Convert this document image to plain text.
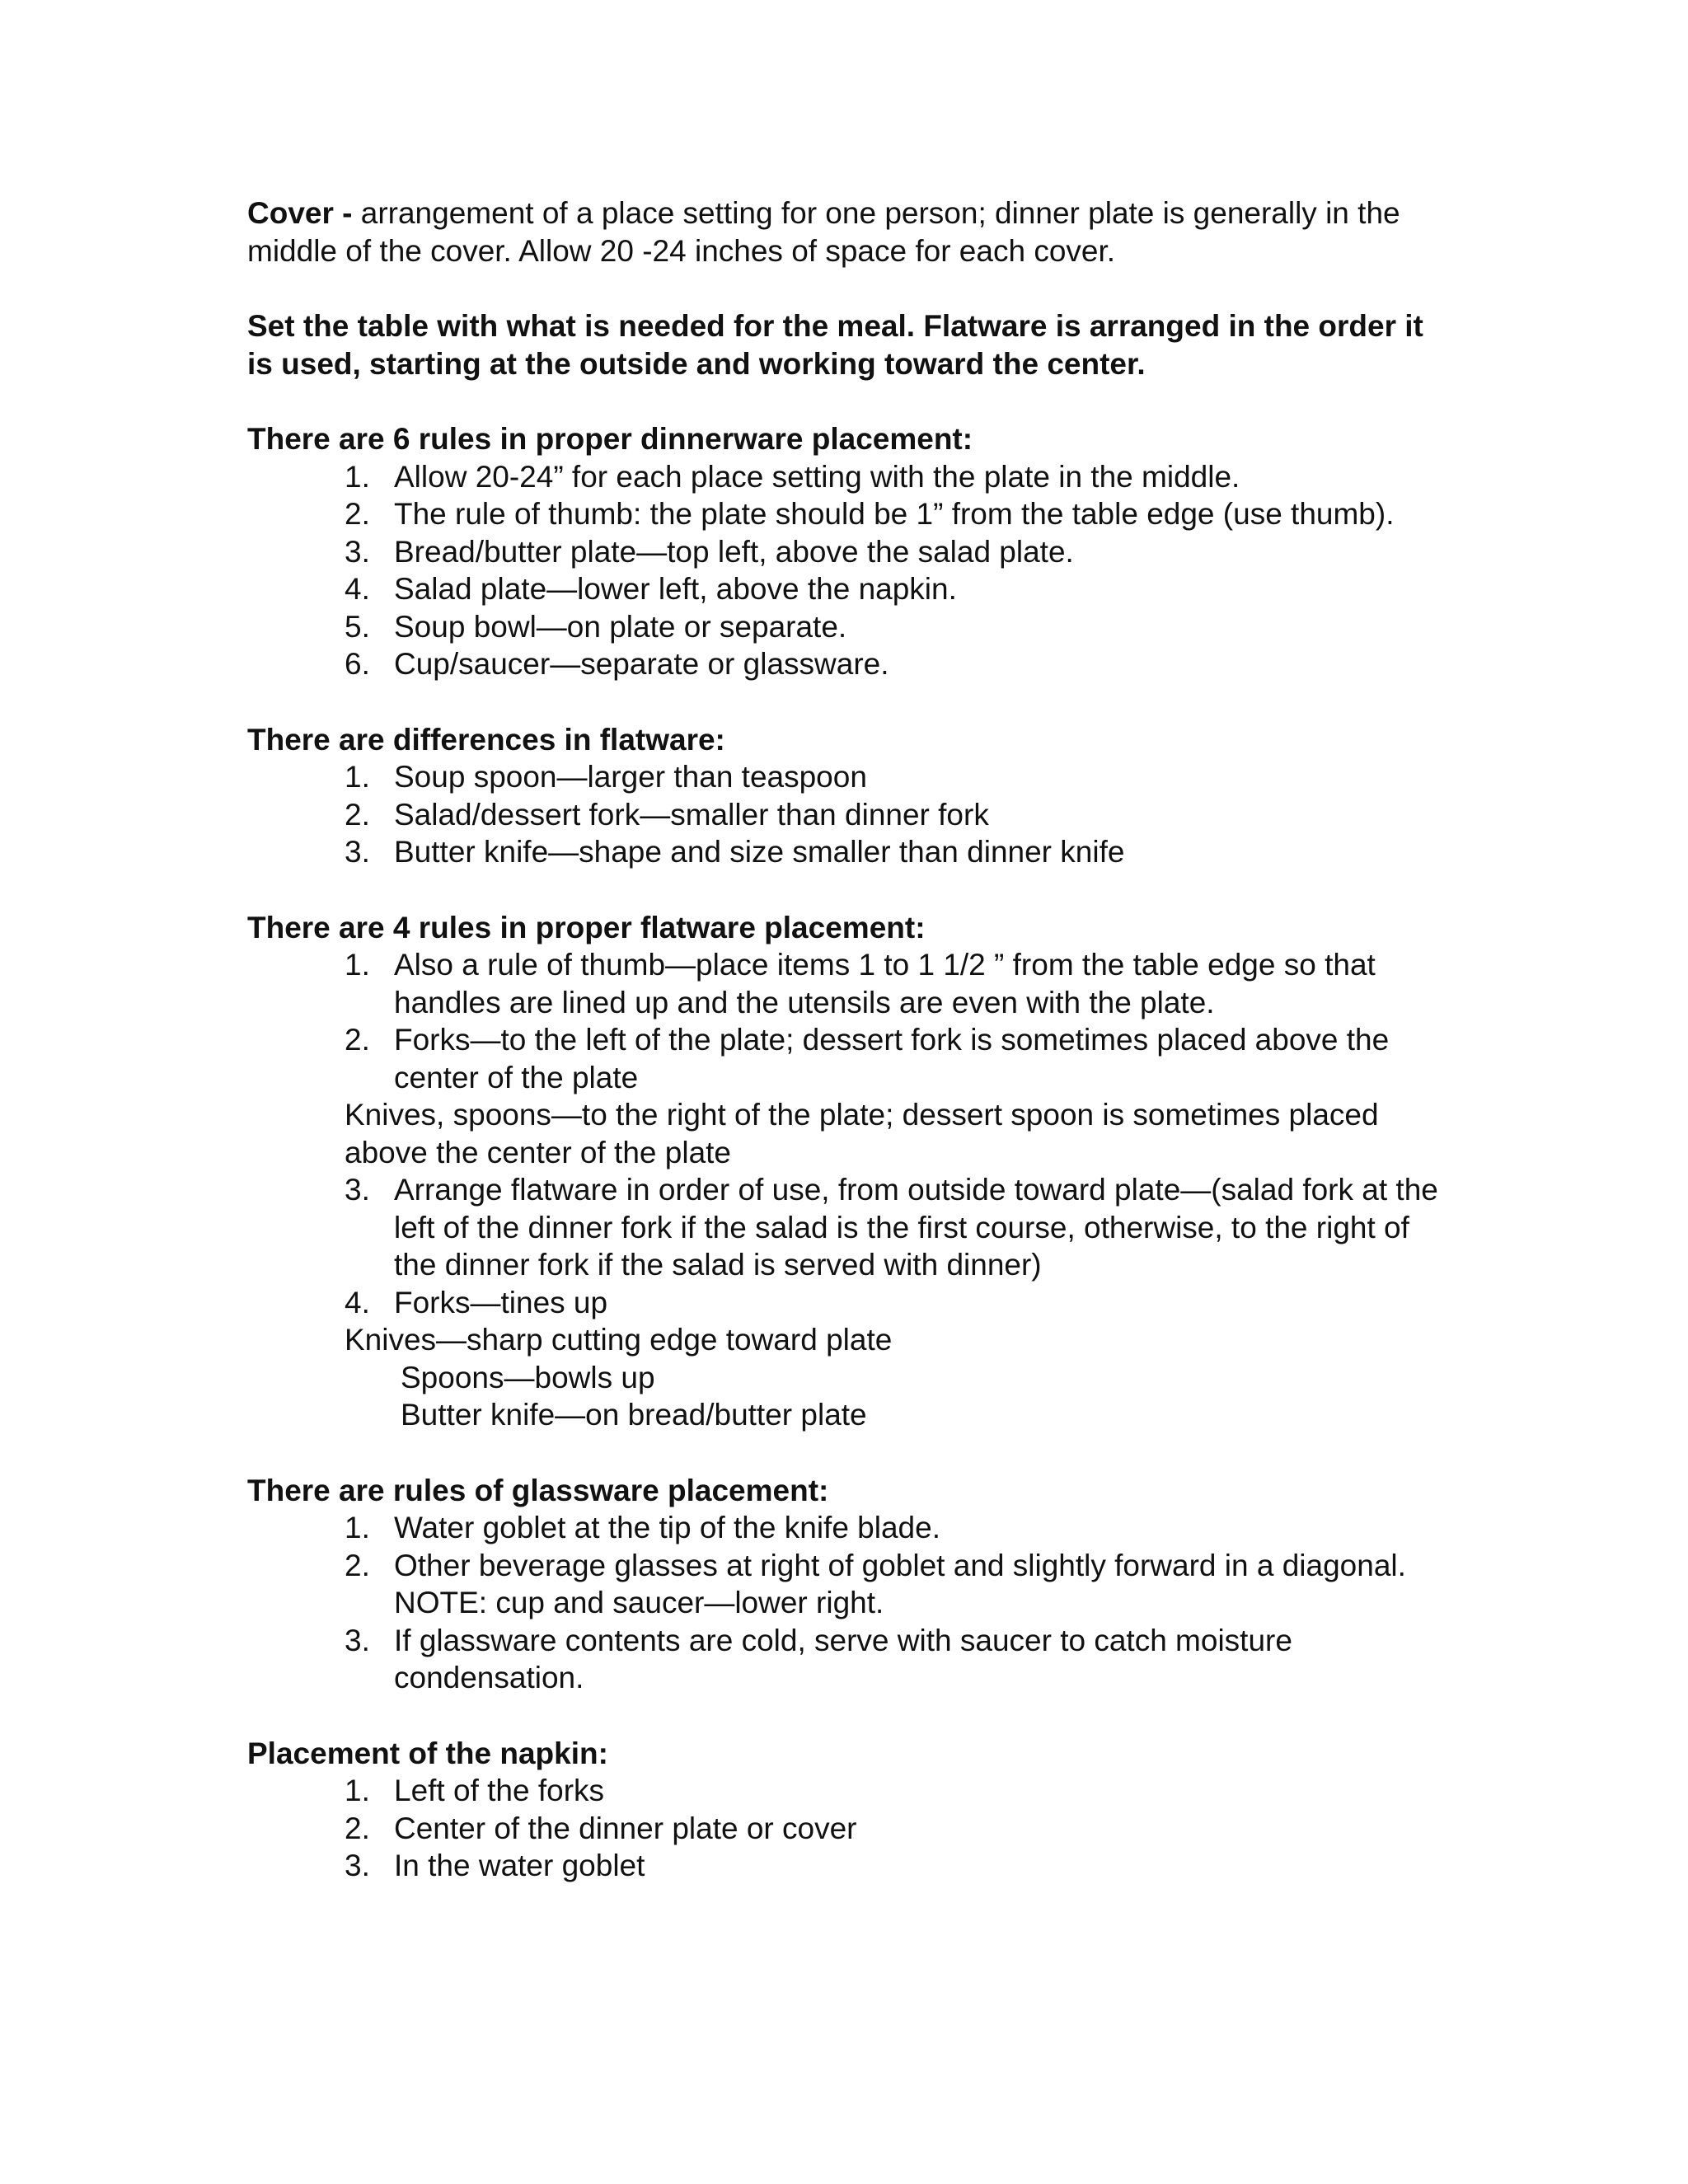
Cover - arrangement of a place setting for one person; dinner plate is generally in the middle of the cover. Allow 20 -24 inches of space for each cover.

Set the table with what is needed for the meal. Flatware is arranged in the order it is used, starting at the outside and working toward the center.

There are 6 rules in proper dinnerware placement:

1. Allow 20-24” for each place setting with the plate in the middle.
2. The rule of thumb: the plate should be 1” from the table edge (use thumb).
3. Bread/butter plate—top left, above the salad plate.
4. Salad plate—lower left, above the napkin.
5. Soup bowl—on plate or separate.
6. Cup/saucer—separate or glassware.

There are differences in flatware:

1. Soup spoon—larger than teaspoon
2. Salad/dessert fork—smaller than dinner fork
3. Butter knife—shape and size smaller than dinner knife

There are 4 rules in proper flatware placement:

1. Also a rule of thumb—place items 1 to 1 1/2 ” from the table edge so that handles are lined up and the utensils are even with the plate.
2. Forks—to the left of the plate; dessert fork is sometimes placed above the center of the plate

Knives, spoons—to the right of the plate; dessert spoon is sometimes placed above the center of the plate

3. Arrange flatware in order of use, from outside toward plate—(salad fork at the left of the dinner fork if the salad is the first course, otherwise, to the right of the dinner fork if the salad is served with dinner)
4. Forks—tines up

Knives—sharp cutting edge toward plate

Spoons—bowls up

Butter knife—on bread/butter plate

There are rules of glassware placement:

1. Water goblet at the tip of the knife blade.
2. Other beverage glasses at right of goblet and slightly forward in a diagonal. NOTE: cup and saucer—lower right.
3. If glassware contents are cold, serve with saucer to catch moisture condensation.

Placement of the napkin:

1. Left of the forks
2. Center of the dinner plate or cover
3. In the water goblet
